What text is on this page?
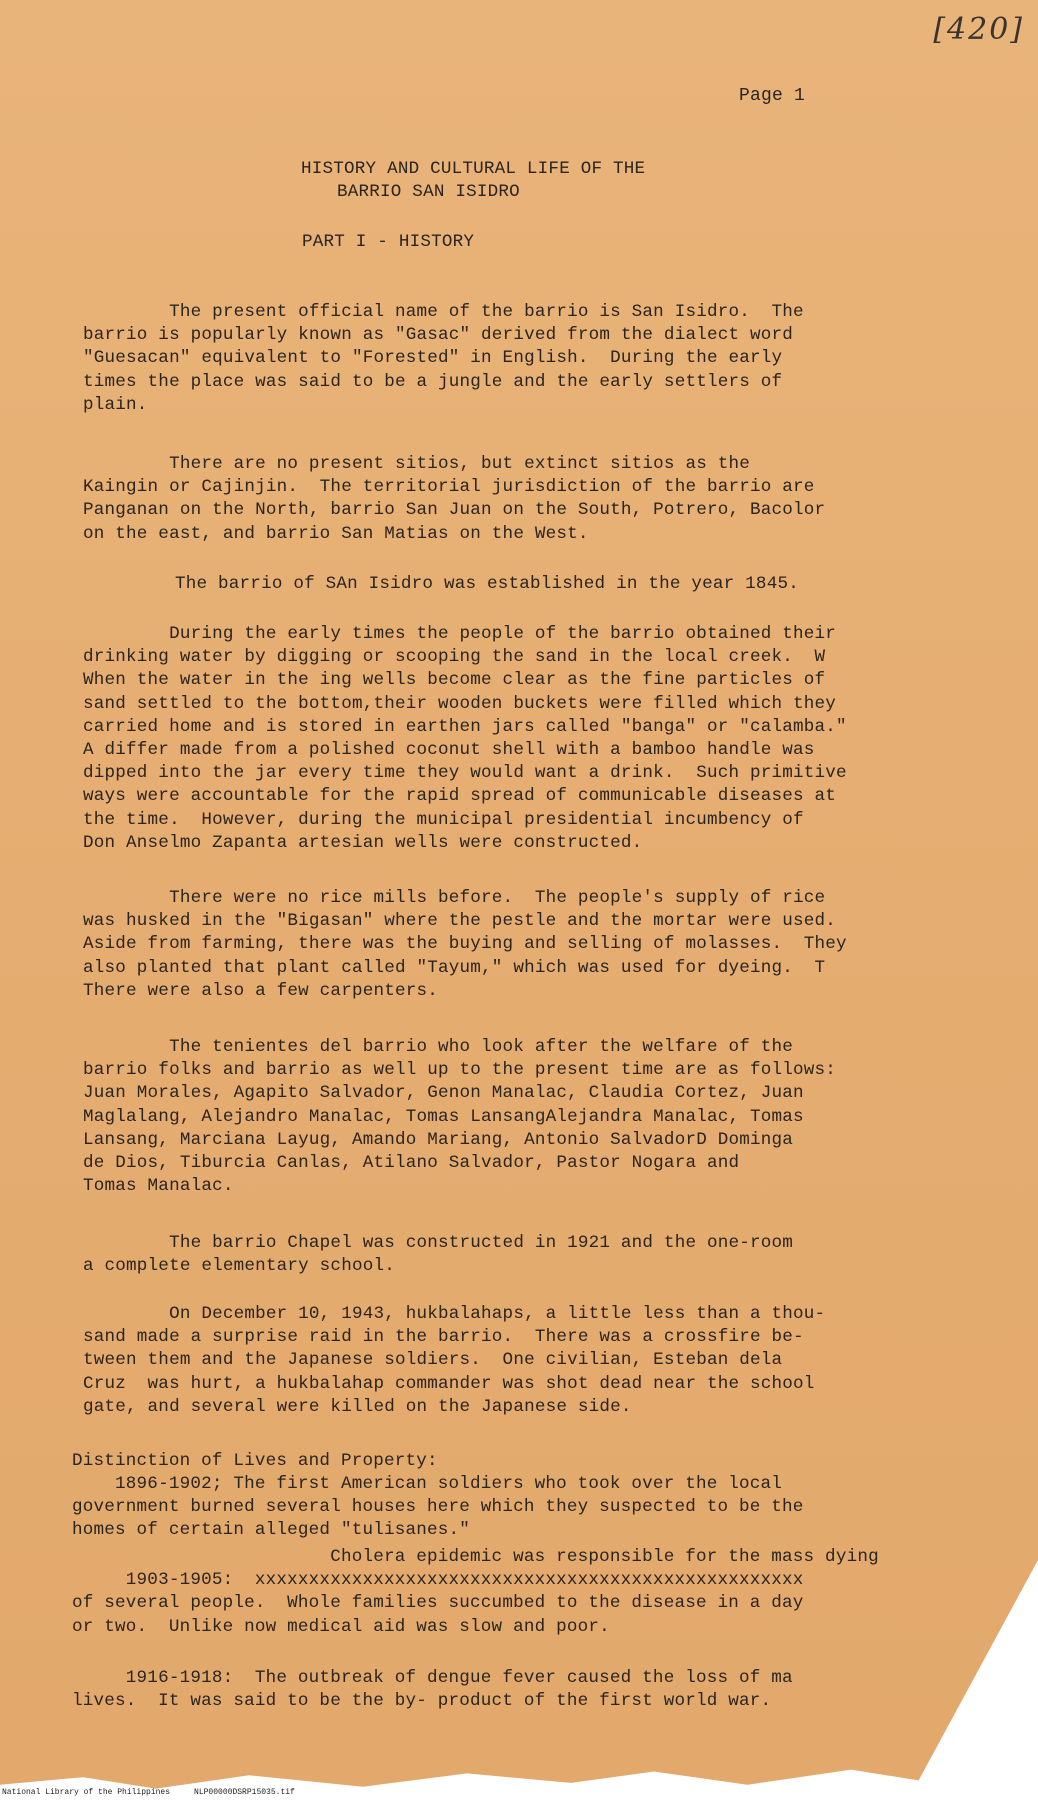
[420]
Page 1
HISTORY AND CULTURAL LIFE OF THE
BARRIO SAN ISIDRO
PART I - HISTORY
The present official name of the barrio is San Isidro.  The
barrio is popularly known as "Gasac" derived from the dialect word
"Guesacan" equivalent to "Forested" in English.  During the early
times the place was said to be a jungle and the early settlers of
plain.
There are no present sitios, but extinct sitios as the
Kaingin or Cajinjin.  The territorial jurisdiction of the barrio are
Panganan on the North, barrio San Juan on the South, Potrero, Bacolor
on the east, and barrio San Matias on the West.
The barrio of SAn Isidro was established in the year 1845.
During the early times the people of the barrio obtained their
drinking water by digging or scooping the sand in the local creek.  W
When the water in the ing wells become clear as the fine particles of
sand settled to the bottom,their wooden buckets were filled which they
carried home and is stored in earthen jars called "banga" or "calamba."
A differ made from a polished coconut shell with a bamboo handle was
dipped into the jar every time they would want a drink.  Such primitive
ways were accountable for the rapid spread of communicable diseases at
the time.  However, during the municipal presidential incumbency of
Don Anselmo Zapanta artesian wells were constructed.
There were no rice mills before.  The people's supply of rice
was husked in the "Bigasan" where the pestle and the mortar were used.
Aside from farming, there was the buying and selling of molasses.  They
also planted that plant called "Tayum," which was used for dyeing.  T
There were also a few carpenters.
The tenientes del barrio who look after the welfare of the
barrio folks and barrio as well up to the present time are as follows:
Juan Morales, Agapito Salvador, Genon Manalac, Claudia Cortez, Juan
Maglalang, Alejandro Manalac, Tomas LansangAlejandra Manalac, Tomas
Lansang, Marciana Layug, Amando Mariang, Antonio SalvadorD Dominga
de Dios, Tiburcia Canlas, Atilano Salvador, Pastor Nogara and
Tomas Manalac.
The barrio Chapel was constructed in 1921 and the one-room
a complete elementary school.
On December 10, 1943, hukbalahaps, a little less than a thou-
sand made a surprise raid in the barrio.  There was a crossfire be-
tween them and the Japanese soldiers.  One civilian, Esteban dela
Cruz  was hurt, a hukbalahap commander was shot dead near the school
gate, and several were killed on the Japanese side.
Distinction of Lives and Property:
1896-1902; The first American soldiers who took over the local
government burned several houses here which they suspected to be the
homes of certain alleged "tulisanes."
Cholera epidemic was responsible for the mass dying
1903-1905:  xxxxxxxxxxxxxxxxxxxxxxxxxxxxxxxxxxxxxxxxxxxxxxxxxxx
of several people.  Whole families succumbed to the disease in a day
or two.  Unlike now medical aid was slow and poor.
1916-1918:  The outbreak of dengue fever caused the loss of ma
lives.  It was said to be the by- product of the first world war.
National Library of the Philippines     NLP00000DSRP15035.tif
